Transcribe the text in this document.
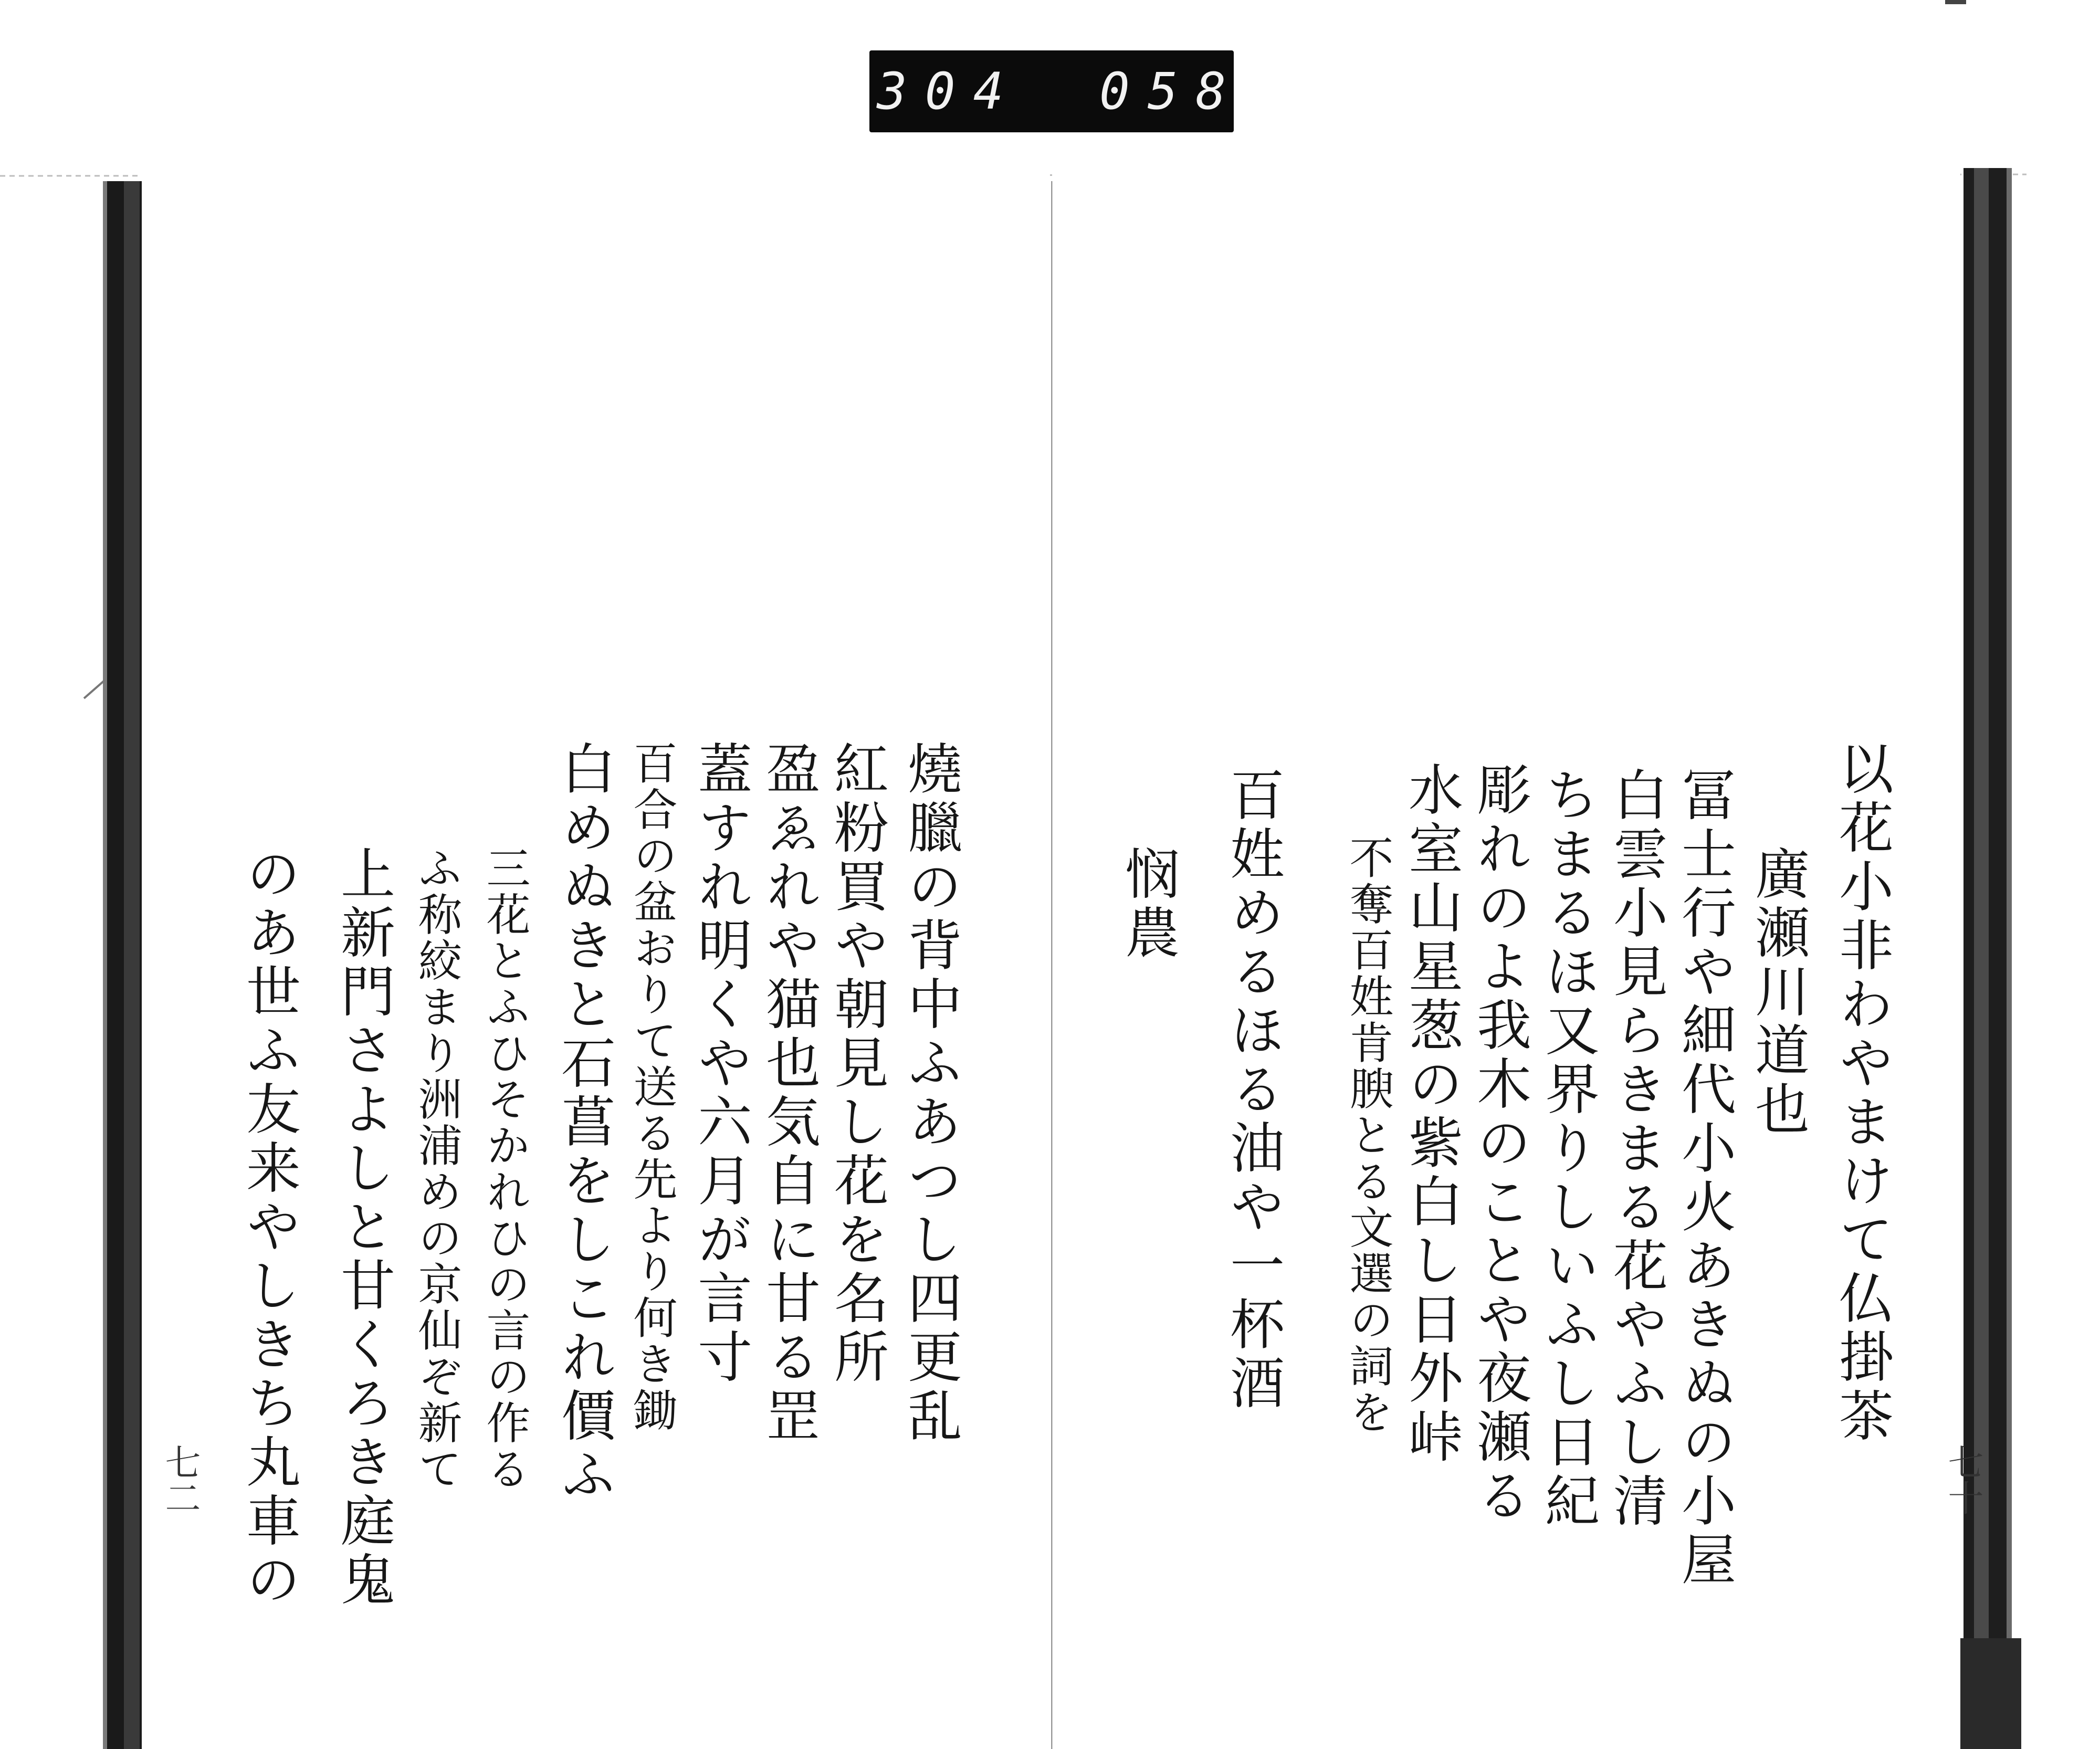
304 058
以花小非わやまけて仏掛茶
廣瀬川道也
冨士行や細代小火あきぬの小屋
白雲小見らきまる花やふし清
ちまるほ又界りしいふし日紀
彫れのよ我木のことや夜瀬る
水室山星葱の紫白し日外峠
不奪百姓肯腴とる文選の詞を
百姓めるほる油や一杯酒
悯農
七十
燒臘の背中ふあつし四更乱
紅粉買や朝見し花を名所
盈ゑれや猫也気自に甘る罡
蓋すれ明くや六月が言寸
百合の盆おりて送る先より何き鋤
白めぬきと石菖をしこれ價ふ
三花とふひそかれひの言の作る
ふ称絞まり洲浦めの京仙ぞ新て
上新門さよしと甘くろき庭鬼
のあ世ふ友来やしきち丸車の
七二
